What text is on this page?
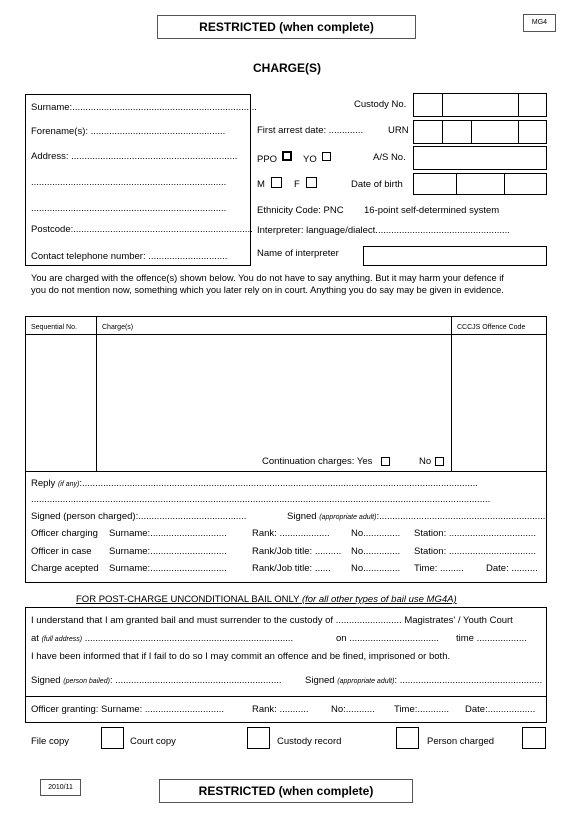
RESTRICTED (when complete)	MG4
CHARGE(S)
Surname:......................................................................
Forename(s): ...................................................
Address: ...............................................................
..........................................................................
..........................................................................
Postcode:....................................................................
Contact telephone number: ..............................
Custody No.
First arrest date: .............	URN
PPO	YO	A/S No.
M	F	Date of birth
Ethnicity Code: PNC 16-point self-determined system
Interpreter: language/dialect...................................................
Name of interpreter
You are charged with the offence(s) shown below. You do not have to say anything. But it may harm your defence if
you do not mention now, something which you later rely on in court. Anything you do say may be given in evidence.
Sequential No.	Charge(s)	CCCJS Offence Code
Continuation charges: Yes	No
Reply (if any):......................................................................................................................................................
..............................................................................................................................................................................
Signed (person charged):.........................................	Signed (appropriate adult):...............................................................
Officer charging Surname:.............................	Rank: ................... No.............. Station: .................................
Officer in case Surname:.............................	Rank/Job title: .......... No.............. Station: .................................
Charge acepted Surname:.............................	Rank/Job title: ...... No.............. Time: ......... Date: ..........
FOR POST-CHARGE UNCONDITIONAL BAIL ONLY (for all other types of bail use MG4A)
I understand that I am granted bail and must surrender to the custody of ......................... Magistrates' / Youth Court
at (full address) ...............................................................................	on .................................. time ...................
I have been informed that if I fail to do so I may commit an offence and be fined, imprisoned or both.
Signed (person bailed): ............................................................... Signed (appropriate adult): ......................................................
Officer granting: Surname: ..............................	Rank: ........... No:........... Time:............ Date:..................
File copy	Court copy	Custody record	Person charged
2010/11	RESTRICTED (when complete)
